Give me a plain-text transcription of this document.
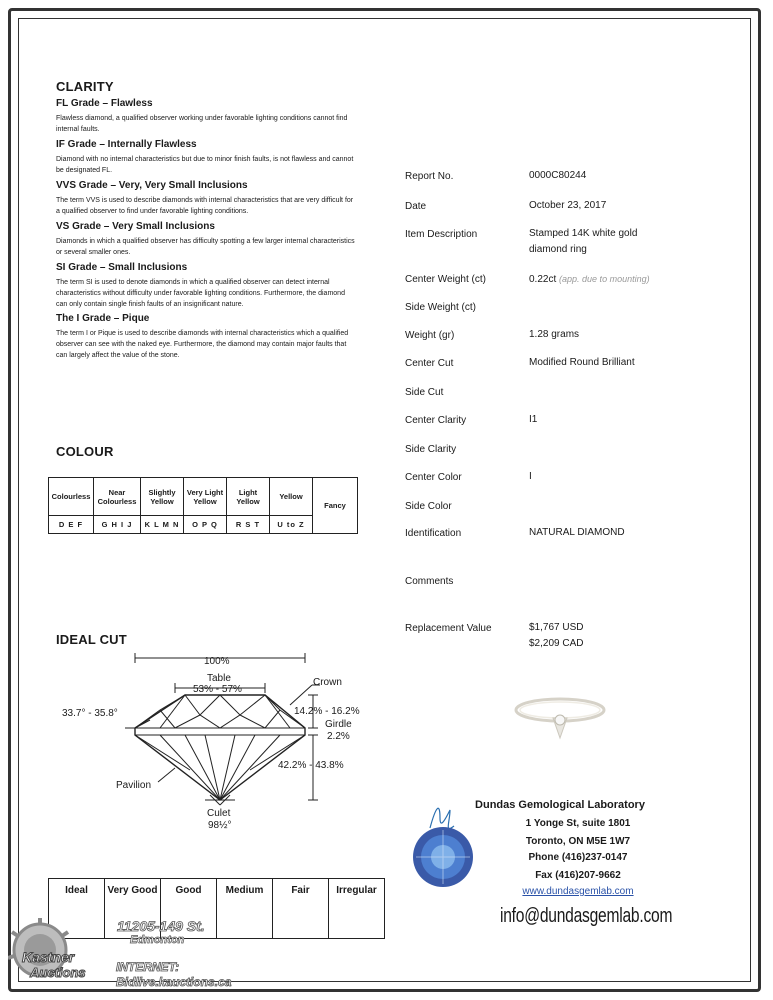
CLARITY
FL Grade – Flawless
Flawless diamond, a qualified observer working under favorable lighting conditions cannot find internal faults.
IF Grade – Internally Flawless
Diamond with no internal characteristics but due to minor finish faults, is not flawless and cannot be designated FL.
VVS Grade – Very, Very Small Inclusions
The term VVS is used to describe diamonds with internal characteristics that are very difficult for a qualified observer to find under favorable lighting conditions.
VS Grade – Very Small Inclusions
Diamonds in which a qualified observer has difficulty spotting a few larger internal characteristics or several smaller ones.
SI Grade – Small Inclusions
The term SI is used to denote diamonds in which a qualified observer can detect internal characteristics without difficulty under favorable lighting conditions. Furthermore, the diamond can only contain single finish faults of an insignificant nature.
The I Grade – Pique
The term I or Pique is used to describe diamonds with internal characteristics which a qualified observer can see with the naked eye. Furthermore, the diamond may contain major faults that can largely affect the value of the stone.
COLOUR
Colourless	Near Colourless	Slightly Yellow	Very Light Yellow	Light Yellow	Yellow	Fancy
D E F	G H I J	K L M N	O P Q	R S T	U to Z	
IDEAL CUT
100%
Table
53% - 57%
Crown
33.7° - 35.8°	14.2% - 16.2%
Girdle
2.2%
42.2% - 43.8%
Pavilion
Culet
98½°
Ideal	Very Good	Good	Medium	Fair	Irregular
Report No.	0000C80244
Date	October 23, 2017
Item Description	Stamped 14K white gold diamond ring
Center Weight (ct)	0.22ct (app. due to mounting)
Side Weight (ct)
Weight (gr)	1.28 grams
Center Cut	Modified Round Brilliant
Side Cut
Center Clarity	I1
Side Clarity
Center Color	I
Side Color
Identification	NATURAL DIAMOND
Comments
Replacement Value	$1,767 USD
$2,209 CAD
Dundas Gemological Laboratory
1 Yonge St, suite 1801
Toronto, ON M5E 1W7
Phone (416)237-0147
Fax (416)207-9662
www.dundasgemlab.com
info@dundasgemlab.com
Kastner
Auctions
11205-149 St.
Edmonton
INTERNET:
Bidlive.kauctions.ca
